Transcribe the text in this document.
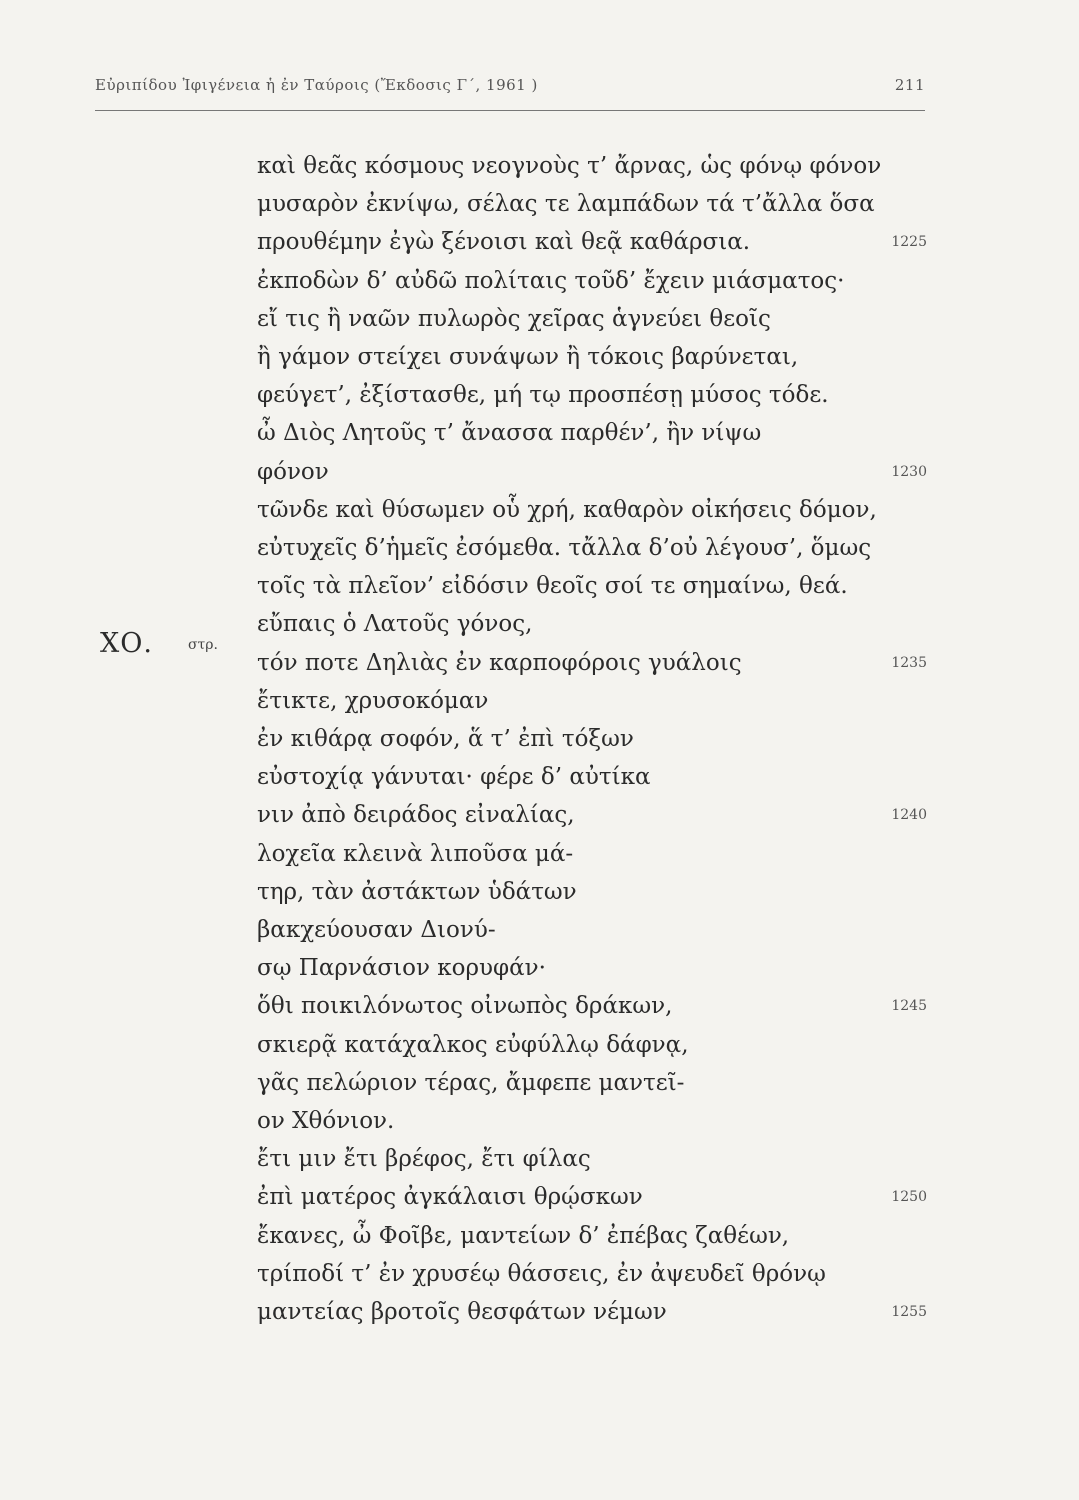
Εὐριπίδου Ἰφιγένεια ἡ ἐν Ταύροις (Ἔκδοσις Γ΄, 1961 )	211
ΧΟ.	στρ.
καὶ θεᾶς κόσμους νεογνοὺς τ’ ἄρνας, ὡς φόνῳ φόνον
μυσαρὸν ἐκνίψω, σέλας τε λαμπάδων τά τ’ἄλλα ὅσα
προυθέμην ἐγὼ ξένοισι καὶ θεᾷ καθάρσια.	1225
ἐκποδὼν δ’ αὐδῶ πολίταις τοῦδ’ ἔχειν μιάσματος·
εἴ τις ἢ ναῶν πυλωρὸς χεῖρας ἁγνεύει θεοῖς
ἢ γάμον στείχει συνάψων ἢ τόκοις βαρύνεται,
φεύγετ’, ἐξίστασθε, μή τῳ προσπέσῃ μύσος τόδε.
ὦ Διὸς Λητοῦς τ’ ἄνασσα παρθέν’, ἢν νίψω
φόνον	1230
τῶνδε καὶ θύσωμεν οὗ χρή, καθαρὸν οἰκήσεις δόμον,
εὐτυχεῖς δ’ἡμεῖς ἐσόμεθα. τἄλλα δ’οὐ λέγουσ’, ὅμως
τοῖς τὰ πλεῖον’ εἰδόσιν θεοῖς σοί τε σημαίνω, θεά.
εὔπαις ὁ Λατοῦς γόνος,
τόν ποτε Δηλιὰς ἐν καρποφόροις γυάλοις	1235
ἔτικτε, χρυσοκόμαν
ἐν κιθάρᾳ σοφόν, ἅ τ’ ἐπὶ τόξων
εὐστοχίᾳ γάνυται· φέρε δ’ αὐτίκα
νιν ἀπὸ δειράδος εἰναλίας,	1240
λοχεῖα κλεινὰ λιποῦσα μά-
τηρ, τὰν ἀστάκτων ὑδάτων
βακχεύουσαν Διονύ-
σῳ Παρνάσιον κορυφάν·
ὅθι ποικιλόνωτος οἰνωπὸς δράκων,	1245
σκιερᾷ κατάχαλκος εὐφύλλῳ δάφνᾳ,
γᾶς πελώριον τέρας, ἄμφεπε μαντεῖ-
ον Χθόνιον.
ἔτι μιν ἔτι βρέφος, ἔτι φίλας
ἐπὶ ματέρος ἀγκάλαισι θρῴσκων	1250
ἔκανες, ὦ Φοῖβε, μαντείων δ’ ἐπέβας ζαθέων,
τρίποδί τ’ ἐν χρυσέῳ θάσσεις, ἐν ἀψευδεῖ θρόνῳ
μαντείας βροτοῖς θεσφάτων νέμων	1255
